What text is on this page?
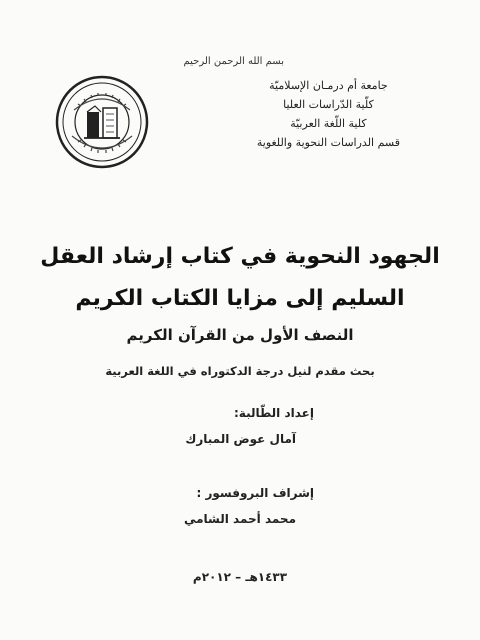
بسم الله الرحمن الرحيم
جامعة أم درمـان الإسلاميّة
كلّية الدّراسات العليا
كلية اللّغة العربيّة
قسم الدراسات النحوية واللغوية
الجهود النحوية في كتاب إرشاد العقل
السليم إلى مزايا الكتاب الكريم
النصف الأول من القرآن الكريم
بحث مقدم لنيل درجة الدكتوراه في اللغة العربية
إعداد الطّالبة:
آمال عوض المبارك
إشراف البروفسور :
محمد أحمد الشامي
١٤٣٣هـ – ٢٠١٢م
